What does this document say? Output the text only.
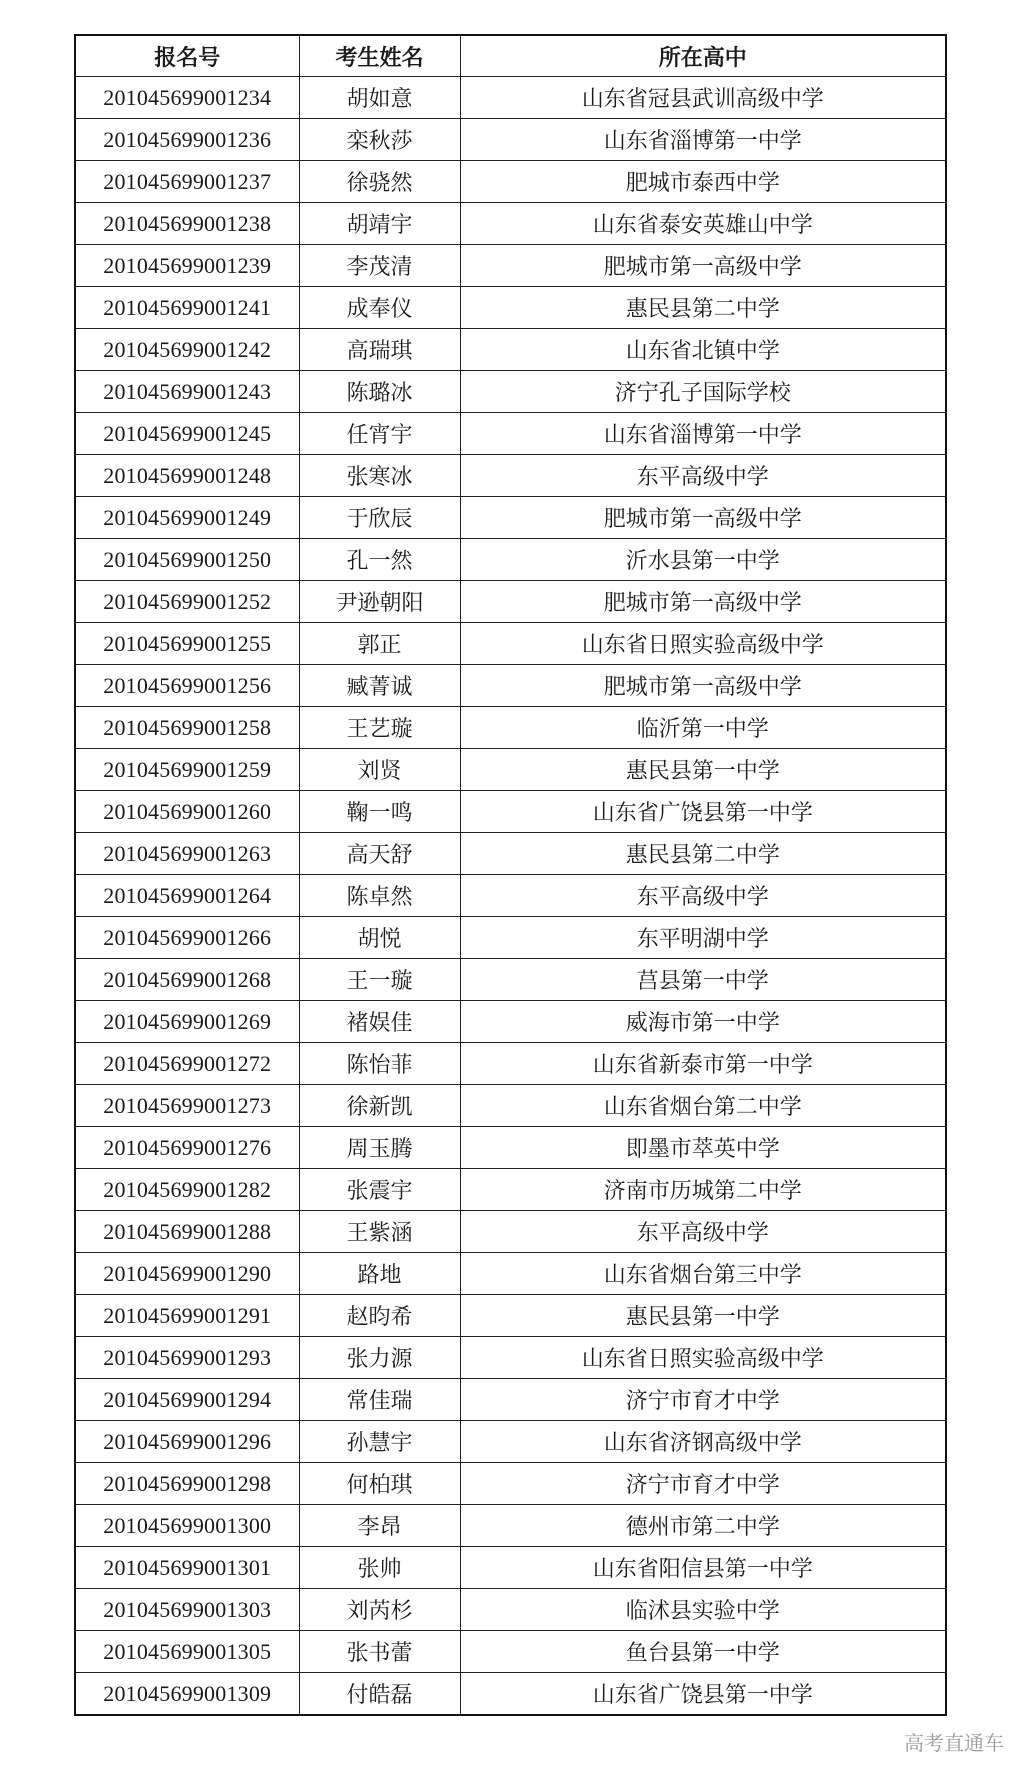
报名号	考生姓名	所在高中
201045699001234	胡如意	山东省冠县武训高级中学
201045699001236	栾秋莎	山东省淄博第一中学
201045699001237	徐骁然	肥城市泰西中学
201045699001238	胡靖宇	山东省泰安英雄山中学
201045699001239	李茂清	肥城市第一高级中学
201045699001241	成奉仪	惠民县第二中学
201045699001242	高瑞琪	山东省北镇中学
201045699001243	陈璐冰	济宁孔子国际学校
201045699001245	任宵宇	山东省淄博第一中学
201045699001248	张寒冰	东平高级中学
201045699001249	于欣辰	肥城市第一高级中学
201045699001250	孔一然	沂水县第一中学
201045699001252	尹逊朝阳	肥城市第一高级中学
201045699001255	郭正	山东省日照实验高级中学
201045699001256	臧菁诚	肥城市第一高级中学
201045699001258	王艺璇	临沂第一中学
201045699001259	刘贤	惠民县第一中学
201045699001260	鞠一鸣	山东省广饶县第一中学
201045699001263	高天舒	惠民县第二中学
201045699001264	陈卓然	东平高级中学
201045699001266	胡悦	东平明湖中学
201045699001268	王一璇	莒县第一中学
201045699001269	褚娱佳	威海市第一中学
201045699001272	陈怡菲	山东省新泰市第一中学
201045699001273	徐新凯	山东省烟台第二中学
201045699001276	周玉腾	即墨市萃英中学
201045699001282	张震宇	济南市历城第二中学
201045699001288	王紫涵	东平高级中学
201045699001290	路地	山东省烟台第三中学
201045699001291	赵昀希	惠民县第一中学
201045699001293	张力源	山东省日照实验高级中学
201045699001294	常佳瑞	济宁市育才中学
201045699001296	孙慧宇	山东省济钢高级中学
201045699001298	何柏琪	济宁市育才中学
201045699001300	李昂	德州市第二中学
201045699001301	张帅	山东省阳信县第一中学
201045699001303	刘芮杉	临沭县实验中学
201045699001305	张书蕾	鱼台县第一中学
201045699001309	付皓磊	山东省广饶县第一中学
高考直通车
